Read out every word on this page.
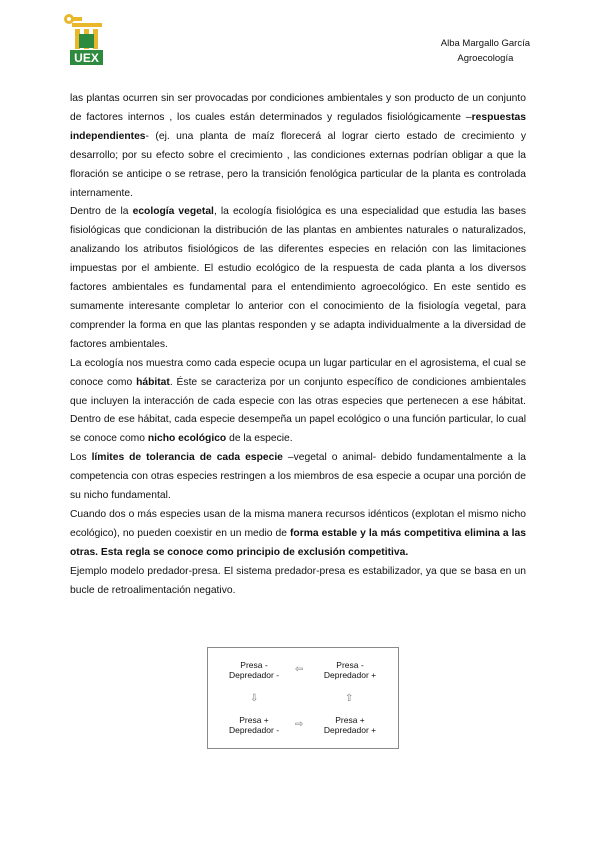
UEX
Alba Margallo García
Agroecología

las plantas ocurren sin ser provocadas por condiciones ambientales y son producto de un conjunto de factores internos , los cuales están determinados y regulados fisiológicamente –respuestas independientes- (ej. una planta de maíz florecerá al lograr cierto estado de crecimiento y desarrollo; por su efecto sobre el crecimiento , las condiciones externas podrían obligar a que la floración se anticipe o se retrase, pero la transición fenológica particular de la planta es controlada internamente.

Dentro de la ecología vegetal, la ecología fisiológica es una especialidad que estudia las bases fisiológicas que condicionan la distribución de las plantas en ambientes naturales o naturalizados, analizando los atributos fisiológicos de las diferentes especies en relación con las limitaciones impuestas por el ambiente. El estudio ecológico de la respuesta de cada planta a los diversos factores ambientales es fundamental para el entendimiento agroecológico. En este sentido es sumamente interesante completar lo anterior con el conocimiento de la fisiología vegetal, para comprender la forma en que las plantas responden y se adapta individualmente a la diversidad de factores ambientales.

La ecología nos muestra como cada especie ocupa un lugar particular en el agrosistema, el cual se conoce como hábitat. Éste se caracteriza por un conjunto específico de condiciones ambientales que incluyen la interacción de cada especie con las otras especies que pertenecen a ese hábitat. Dentro de ese hábitat, cada especie desempeña un papel ecológico o una función particular, lo cual se conoce como nicho ecológico de la especie.

Los límites de tolerancia de cada especie –vegetal o animal- debido fundamentalmente a la competencia con otras especies restringen a los miembros de esa especie a ocupar una porción de su nicho fundamental.

Cuando dos o más especies usan de la misma manera recursos idénticos (explotan el mismo nicho ecológico), no pueden coexistir en un medio de forma estable y la más competitiva elimina a las otras. Esta regla se conoce como principio de exclusión competitiva.

Ejemplo modelo predador-presa. El sistema predador-presa es estabilizador, ya que se basa en un bucle de retroalimentación negativo.

Presa -
Depredador -
Presa -
Depredador +
Presa +
Depredador -
Presa +
Depredador +
⇦
⇩	⇧
⇨
